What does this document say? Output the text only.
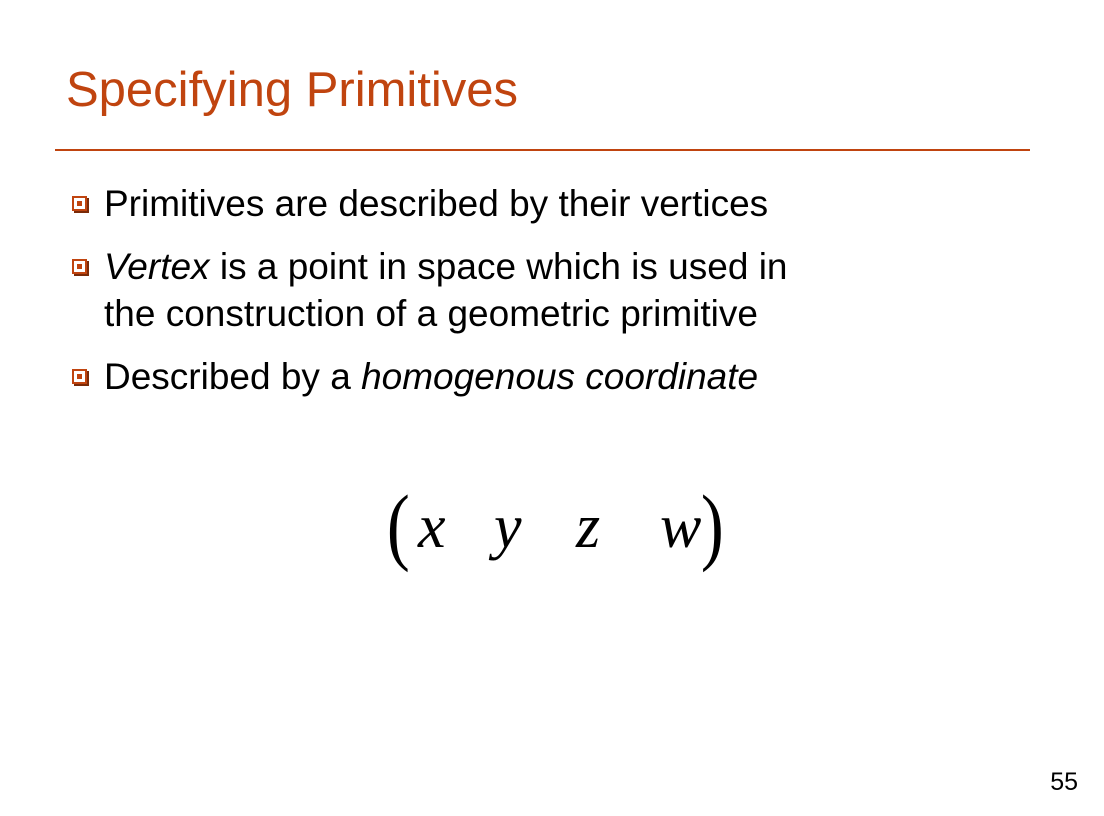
Specifying Primitives
Primitives are described by their vertices
Vertex is a point in space which is used in
the construction of a geometric primitive
Described by a homogenous coordinate
( x y z w )
55
